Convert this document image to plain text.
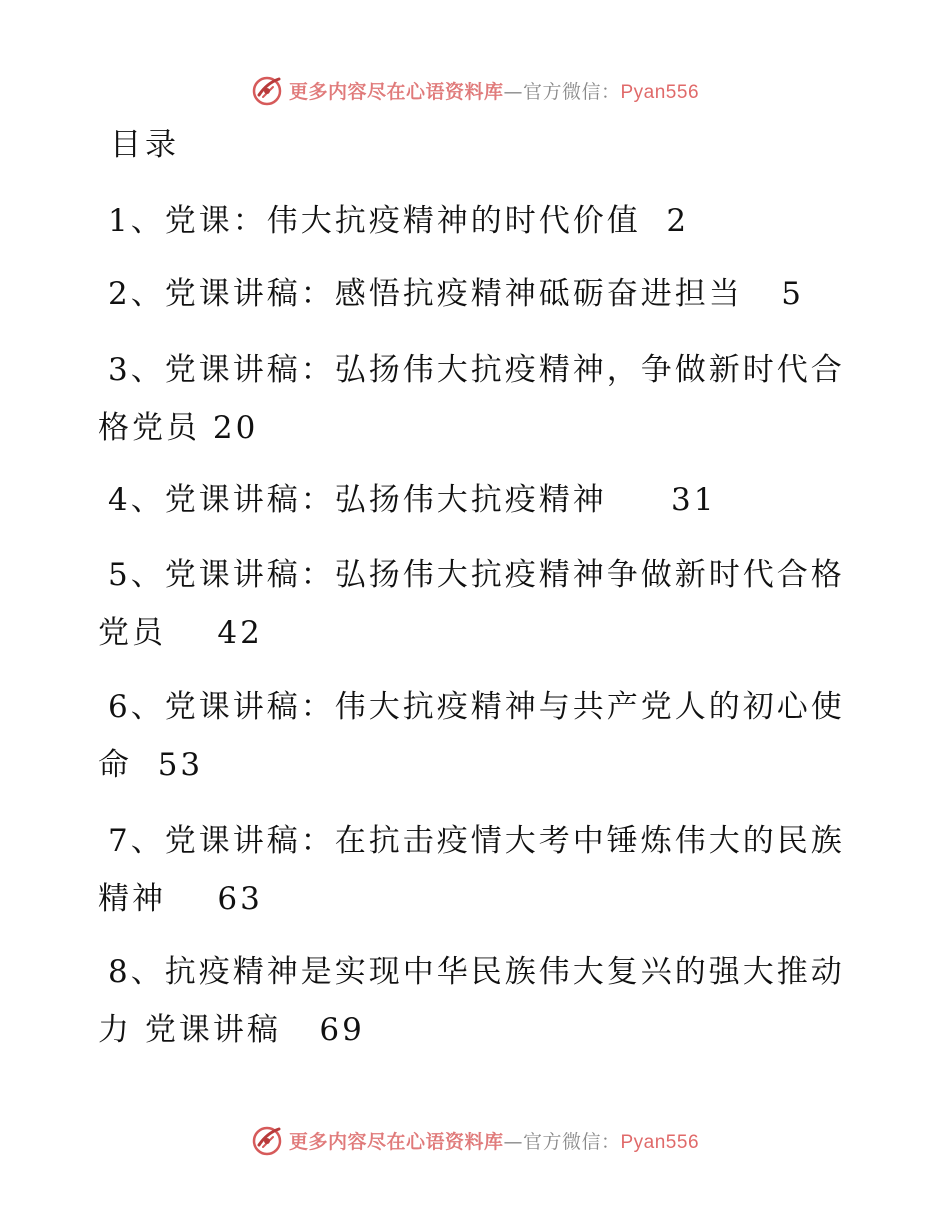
更多内容尽在心语资料库—官方微信：Pyan556
目录
1、党课：伟大抗疫精神的时代价值  2
2、党课讲稿：感悟抗疫精神砥砺奋进担当   5
3、党课讲稿：弘扬伟大抗疫精神，争做新时代合格党员 20
4、党课讲稿：弘扬伟大抗疫精神     31
5、党课讲稿：弘扬伟大抗疫精神争做新时代合格党员    42
6、党课讲稿：伟大抗疫精神与共产党人的初心使命  53
7、党课讲稿：在抗击疫情大考中锤炼伟大的民族精神    63
8、抗疫精神是实现中华民族伟大复兴的强大推动力 党课讲稿   69
更多内容尽在心语资料库—官方微信：Pyan556
